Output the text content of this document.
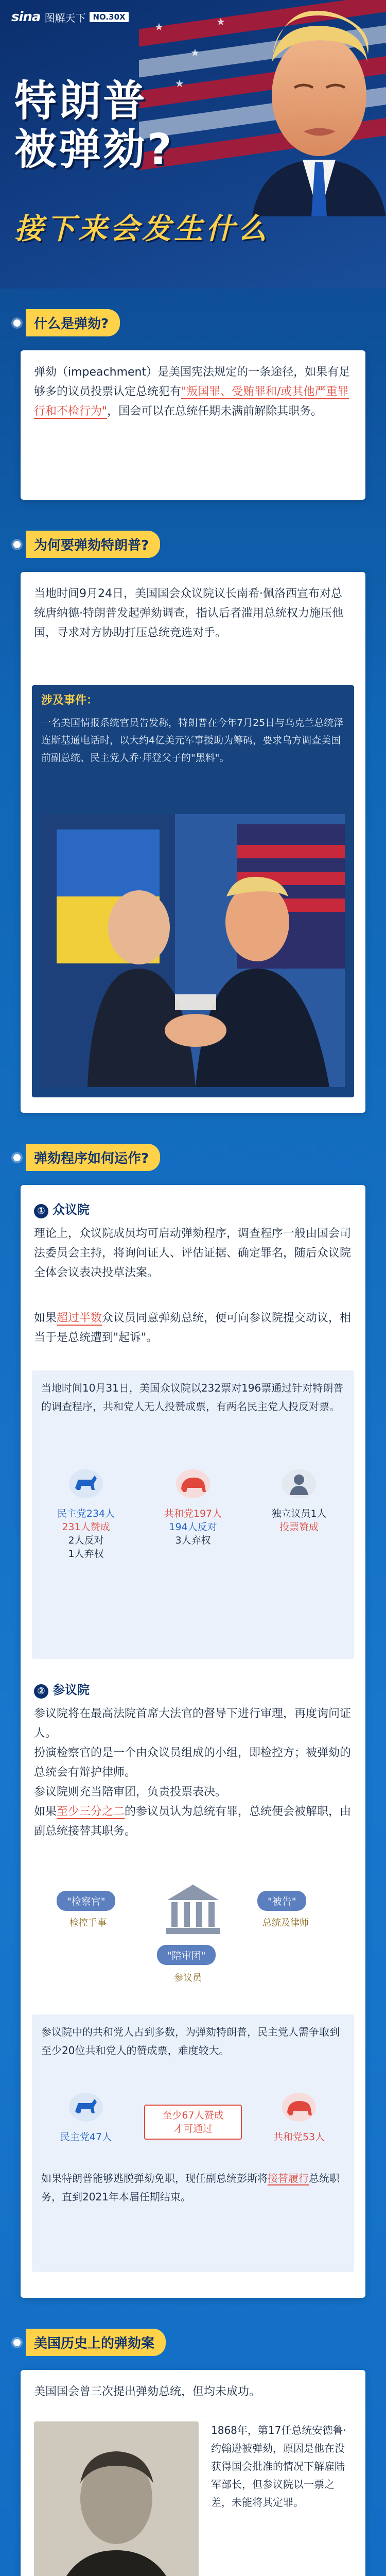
★
★
★
★
sina 图解天下 NO.30X
特朗普
被弹劾?
接下来会发生什么
什么是弹劾?
弹劾（impeachment）是美国宪法规定的一条途径，如果有足够多的议员投票认定总统犯有"叛国罪、受贿罪和/或其他严重罪行和不检行为"，国会可以在总统任期未满前解除其职务。
为何要弹劾特朗普?
当地时间9月24日，美国国会众议院议长南希·佩洛西宣布对总统唐纳德·特朗普发起弹劾调查，指认后者滥用总统权力施压他国，寻求对方协助打压总统竞选对手。
涉及事件：
一名美国情报系统官员告发称，特朗普在今年7月25日与乌克兰总统泽连斯基通电话时，以大约4亿美元军事援助为筹码，要求乌方调查美国前副总统、民主党人乔·拜登父子的"黑料"。
弹劾程序如何运作?
① 众议院
理论上，众议院成员均可启动弹劾程序，调查程序一般由国会司法委员会主持，将询问证人、评估证据、确定罪名，随后众议院全体会议表决投草法案。
如果超过半数众议员同意弹劾总统，便可向参议院提交动议，相当于是总统遭到"起诉"。
当地时间10月31日，美国众议院以232票对196票通过针对特朗普的调查程序，共和党人无人投赞成票，有两名民主党人投反对票。
民主党234人
231人赞成
2人反对
1人弃权
共和党197人
194人反对
3人弃权
独立议员1人
投票赞成
② 参议院
参议院将在最高法院首席大法官的督导下进行审理，再度询问证人。
扮演检察官的是一个由众议员组成的小组，即检控方；被弹劾的总统会有辩护律师。
参议院则充当陪审团，负责投票表决。
如果至少三分之二的参议员认为总统有罪，总统便会被解职，由副总统接替其职务。
"检察官"
检控手事
"被告"
总统及律师
"陪审团"
参议员
参议院中的共和党人占到多数，为弹劾特朗普，民主党人需争取到至少20位共和党人的赞成票，难度较大。
民主党47人
至少67人赞成
才可通过
共和党53人
如果特朗普能够逃脱弹劾免职，现任副总统彭斯将接替履行总统职务，直到2021年本届任期结束。
美国历史上的弹劾案
美国国会曾三次提出弹劾总统，但均未成功。
1868年，第17任总统安德鲁·约翰逊被弹劾，原因是他在没获得国会批准的情况下解雇陆军部长，但参议院以一票之差，未能将其定罪。
